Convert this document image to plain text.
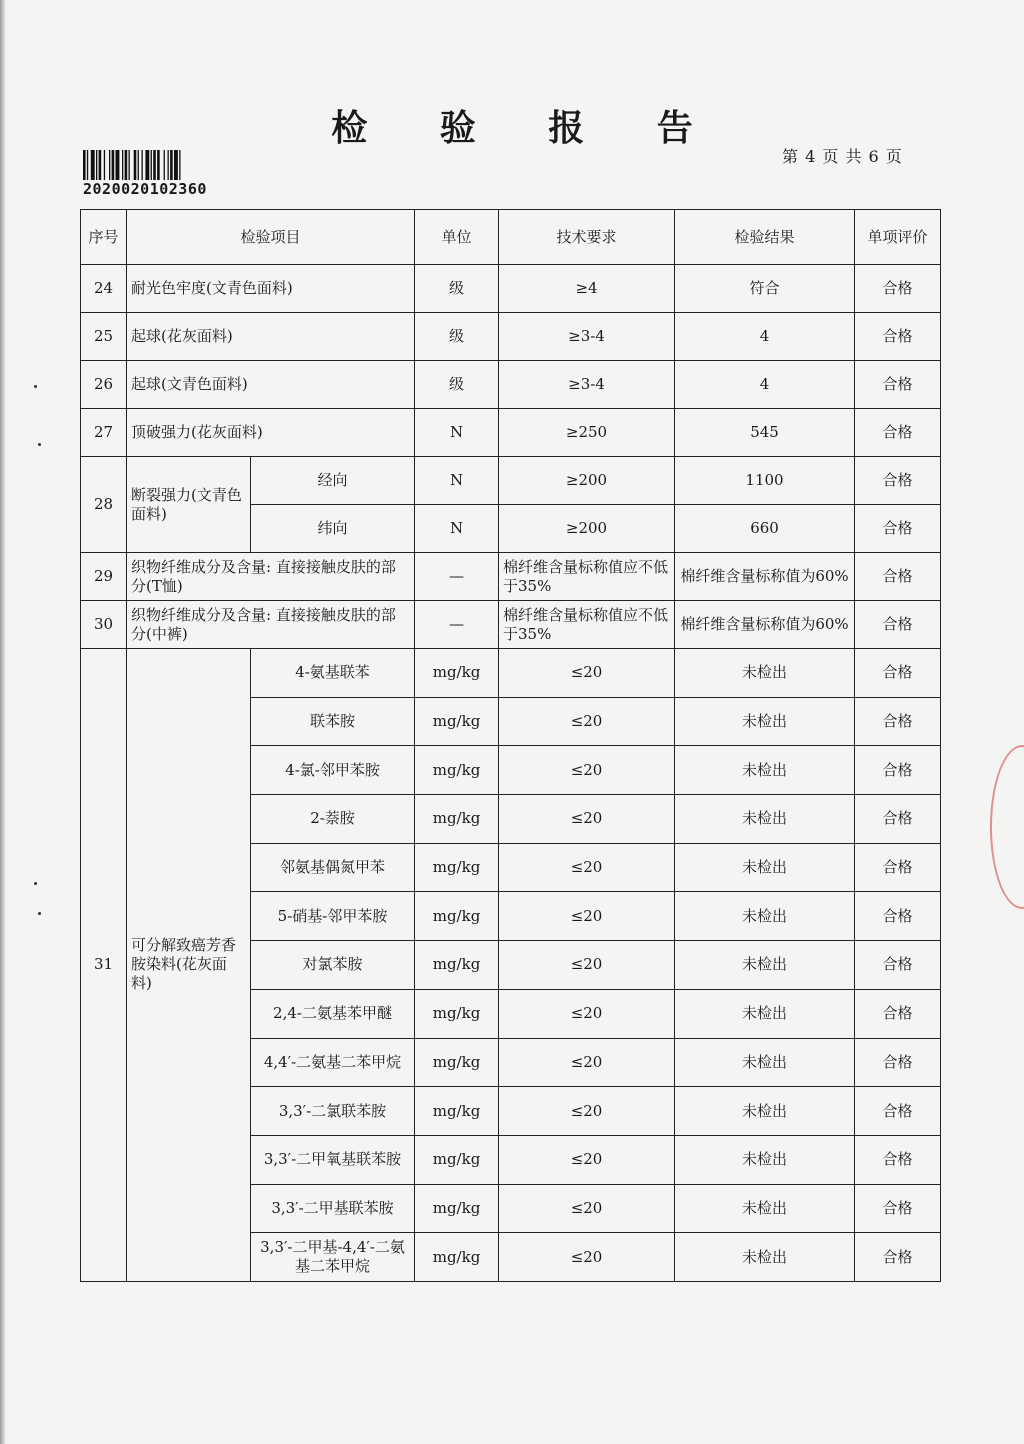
检 验 报 告
第 4 页 共 6 页
2020020102360
序号	检验项目		单位	技术要求	检验结果	单项评价
24	耐光色牢度(文青色面料)		级	≥4	符合	合格
25	起球(花灰面料)		级	≥3-4	4	合格
26	起球(文青色面料)		级	≥3-4	4	合格
27	顶破强力(花灰面料)		N	≥250	545	合格
28	断裂强力(文青色面料)	经向	N	≥200	1100	合格
		纬向	N	≥200	660	合格
29	织物纤维成分及含量: 直接接触皮肤的部分(T恤)		—	棉纤维含量标称值应不低于35%	棉纤维含量标称值为60%	合格
30	织物纤维成分及含量: 直接接触皮肤的部分(中裤)		—	棉纤维含量标称值应不低于35%	棉纤维含量标称值为60%	合格
31	可分解致癌芳香胺染料(花灰面料)	4-氨基联苯	mg/kg	≤20	未检出	合格
		联苯胺	mg/kg	≤20	未检出	合格
		4-氯-邻甲苯胺	mg/kg	≤20	未检出	合格
		2-萘胺	mg/kg	≤20	未检出	合格
		邻氨基偶氮甲苯	mg/kg	≤20	未检出	合格
		5-硝基-邻甲苯胺	mg/kg	≤20	未检出	合格
		对氯苯胺	mg/kg	≤20	未检出	合格
		2,4-二氨基苯甲醚	mg/kg	≤20	未检出	合格
		4,4′-二氨基二苯甲烷	mg/kg	≤20	未检出	合格
		3,3′-二氯联苯胺	mg/kg	≤20	未检出	合格
		3,3′-二甲氧基联苯胺	mg/kg	≤20	未检出	合格
		3,3′-二甲基联苯胺	mg/kg	≤20	未检出	合格
		3,3′-二甲基-4,4′-二氨基二苯甲烷	mg/kg	≤20	未检出	合格
